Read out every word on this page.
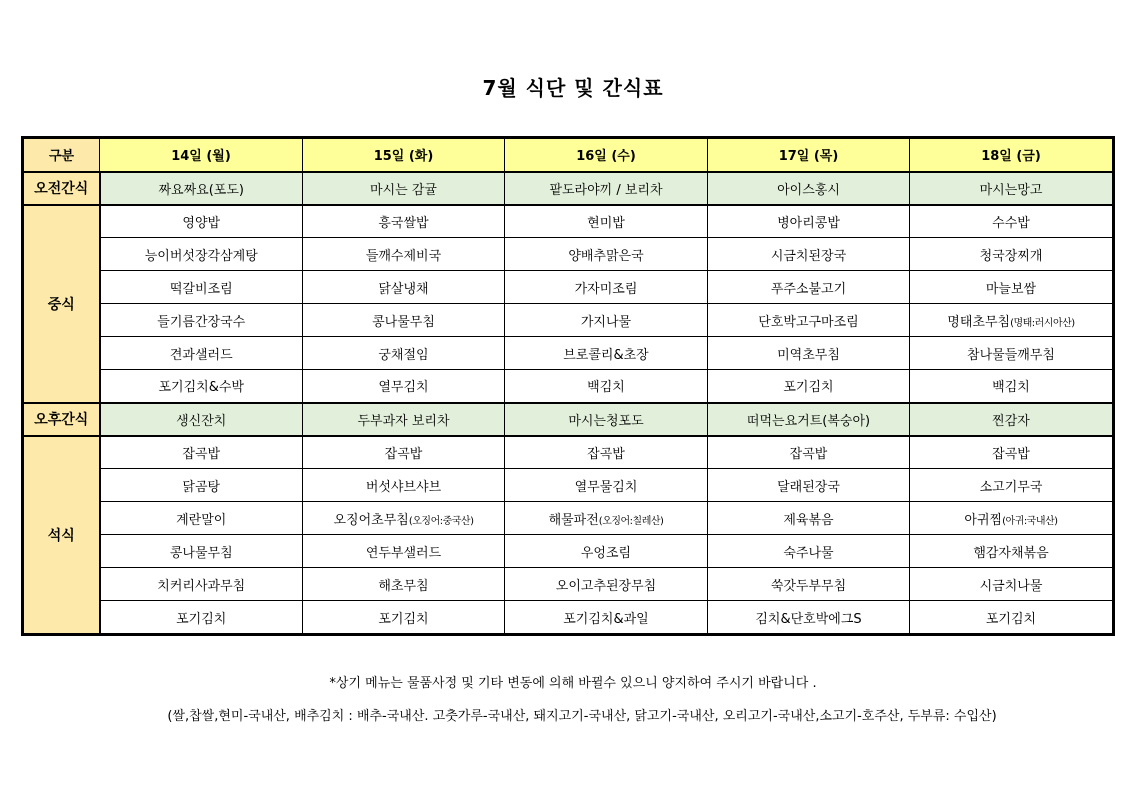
7월 식단 및 간식표
구분	14일 (월)	15일 (화)	16일 (수)	17일 (목)	18일 (금)
오전간식	짜요짜요(포도)	마시는 감귤	팥도라야끼 / 보리차	아이스홍시	마시는망고
중식	영양밥	흥국쌀밥	현미밥	병아리콩밥	수수밥
	능이버섯장각삼계탕	들깨수제비국	양배추맑은국	시금치된장국	청국장찌개
	떡갈비조림	닭살냉채	가자미조림	푸주소불고기	마늘보쌈
	들기름간장국수	콩나물무침	가지나물	단호박고구마조림	명태초무침(명태:러시아산)
	견과샐러드	궁채절임	브로콜리&초장	미역초무침	참나물들깨무침
	포기김치&수박	열무김치	백김치	포기김치	백김치
오후간식	생신잔치	두부과자 보리차	마시는청포도	떠먹는요거트(복숭아)	찐감자
석식	잡곡밥	잡곡밥	잡곡밥	잡곡밥	잡곡밥
	닭곰탕	버섯샤브샤브	열무물김치	달래된장국	소고기무국
	계란말이	오징어초무침(오징어:중국산)	해물파전(오징어:칠레산)	제육볶음	아귀찜(아귀:국내산)
	콩나물무침	연두부샐러드	우엉조림	숙주나물	햄감자채볶음
	치커리사과무침	해초무침	오이고추된장무침	쑥갓두부무침	시금치나물
	포기김치	포기김치	포기김치&과일	김치&단호박에그S	포기김치
*상기 메뉴는 물품사정 및 기타 변동에 의해 바뀔수 있으니 양지하여 주시기 바랍니다 .
(쌀,찹쌀,현미-국내산, 배추김치 : 배추-국내산. 고춧가루-국내산, 돼지고기-국내산, 닭고기-국내산, 오리고기-국내산,소고기-호주산, 두부류: 수입산)
